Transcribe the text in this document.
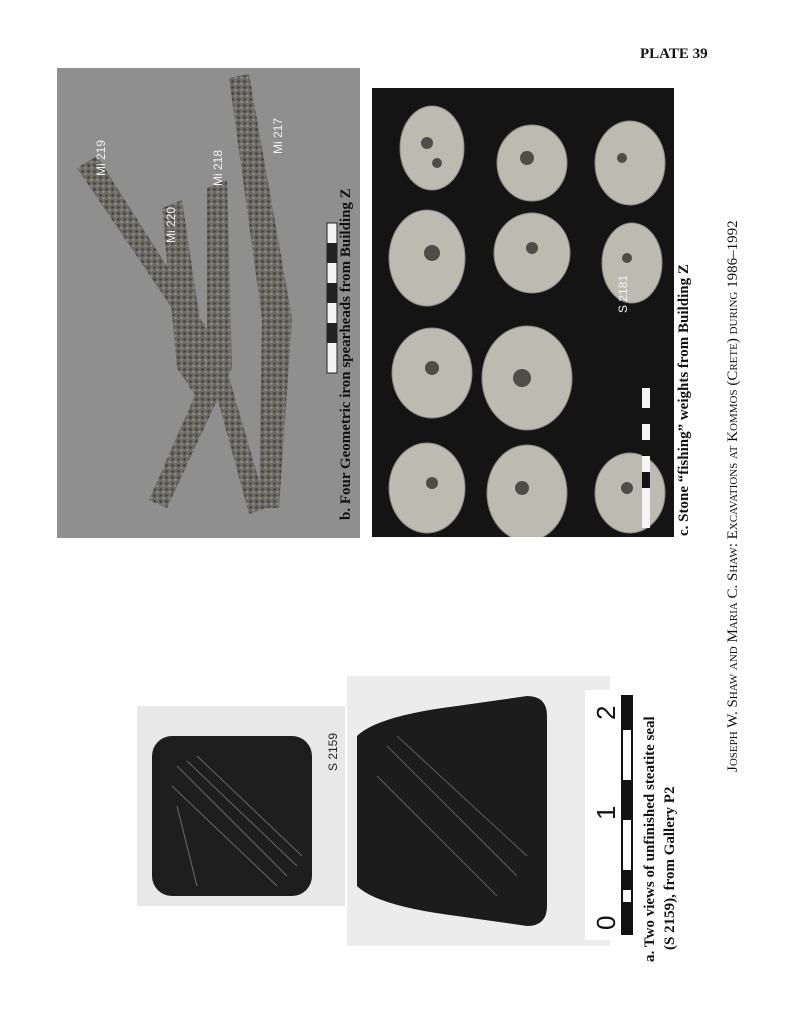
PLATE 39
Mi 219
Mi 220
Mi 218
Mi 217
b. Four Geometric iron spearheads from Building Z	S 2181	c. Stone “fishing” weights from Building Z
S 2159
0
1
2
a. Two views of unfinished steatite seal (S 2159), from Gallery P2
Joseph W. Shaw and Maria C. Shaw: Excavations at Kommos (Crete) during 1986–1992
